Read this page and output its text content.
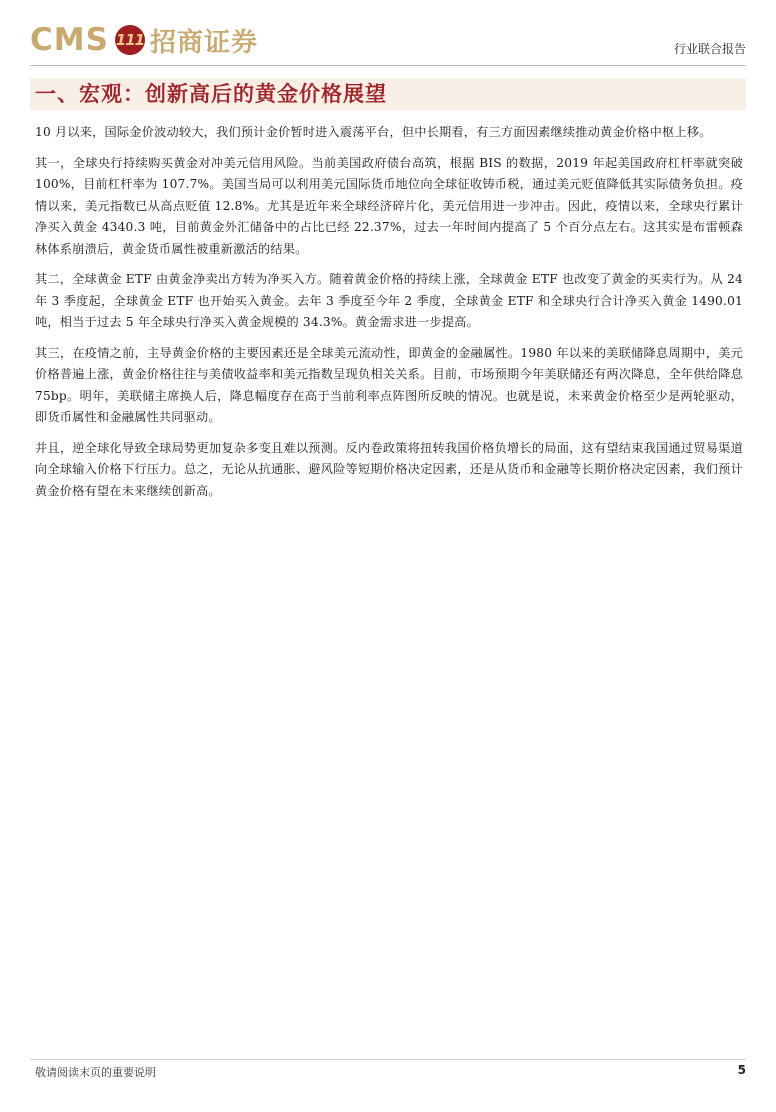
CMS 111 招商证券	行业联合报告
一、宏观：创新高后的黄金价格展望

10 月以来，国际金价波动较大，我们预计金价暂时进入震荡平台，但中长期看，有三方面因素继续推动黄金价格中枢上移。

其一，全球央行持续购买黄金对冲美元信用风险。当前美国政府债台高筑，根据 BIS 的数据，2019 年起美国政府杠杆率就突破 100%，目前杠杆率为 107.7%。美国当局可以利用美元国际货币地位向全球征收铸币税，通过美元贬值降低其实际债务负担。疫情以来，美元指数已从高点贬值 12.8%。尤其是近年来全球经济碎片化，美元信用进一步冲击。因此，疫情以来，全球央行累计净买入黄金 4340.3 吨，目前黄金外汇储备中的占比已经 22.37%，过去一年时间内提高了 5 个百分点左右。这其实是布雷顿森林体系崩溃后，黄金货币属性被重新激活的结果。

其二，全球黄金 ETF 由黄金净卖出方转为净买入方。随着黄金价格的持续上涨，全球黄金 ETF 也改变了黄金的买卖行为。从 24 年 3 季度起，全球黄金 ETF 也开始买入黄金。去年 3 季度至今年 2 季度，全球黄金 ETF 和全球央行合计净买入黄金 1490.01 吨，相当于过去 5 年全球央行净买入黄金规模的 34.3%。黄金需求进一步提高。

其三，在疫情之前，主导黄金价格的主要因素还是全球美元流动性，即黄金的金融属性。1980 年以来的美联储降息周期中，美元价格普遍上涨，黄金价格往往与美债收益率和美元指数呈现负相关关系。目前，市场预期今年美联储还有两次降息，全年供给降息 75bp。明年，美联储主席换人后，降息幅度存在高于当前利率点阵图所反映的情况。也就是说，未来黄金价格至少是两轮驱动，即货币属性和金融属性共同驱动。

并且，逆全球化导致全球局势更加复杂多变且难以预测。反内卷政策将扭转我国价格负增长的局面，这有望结束我国通过贸易渠道向全球输入价格下行压力。总之，无论从抗通胀、避风险等短期价格决定因素，还是从货币和金融等长期价格决定因素，我们预计黄金价格有望在未来继续创新高。

敬请阅读末页的重要说明	5
